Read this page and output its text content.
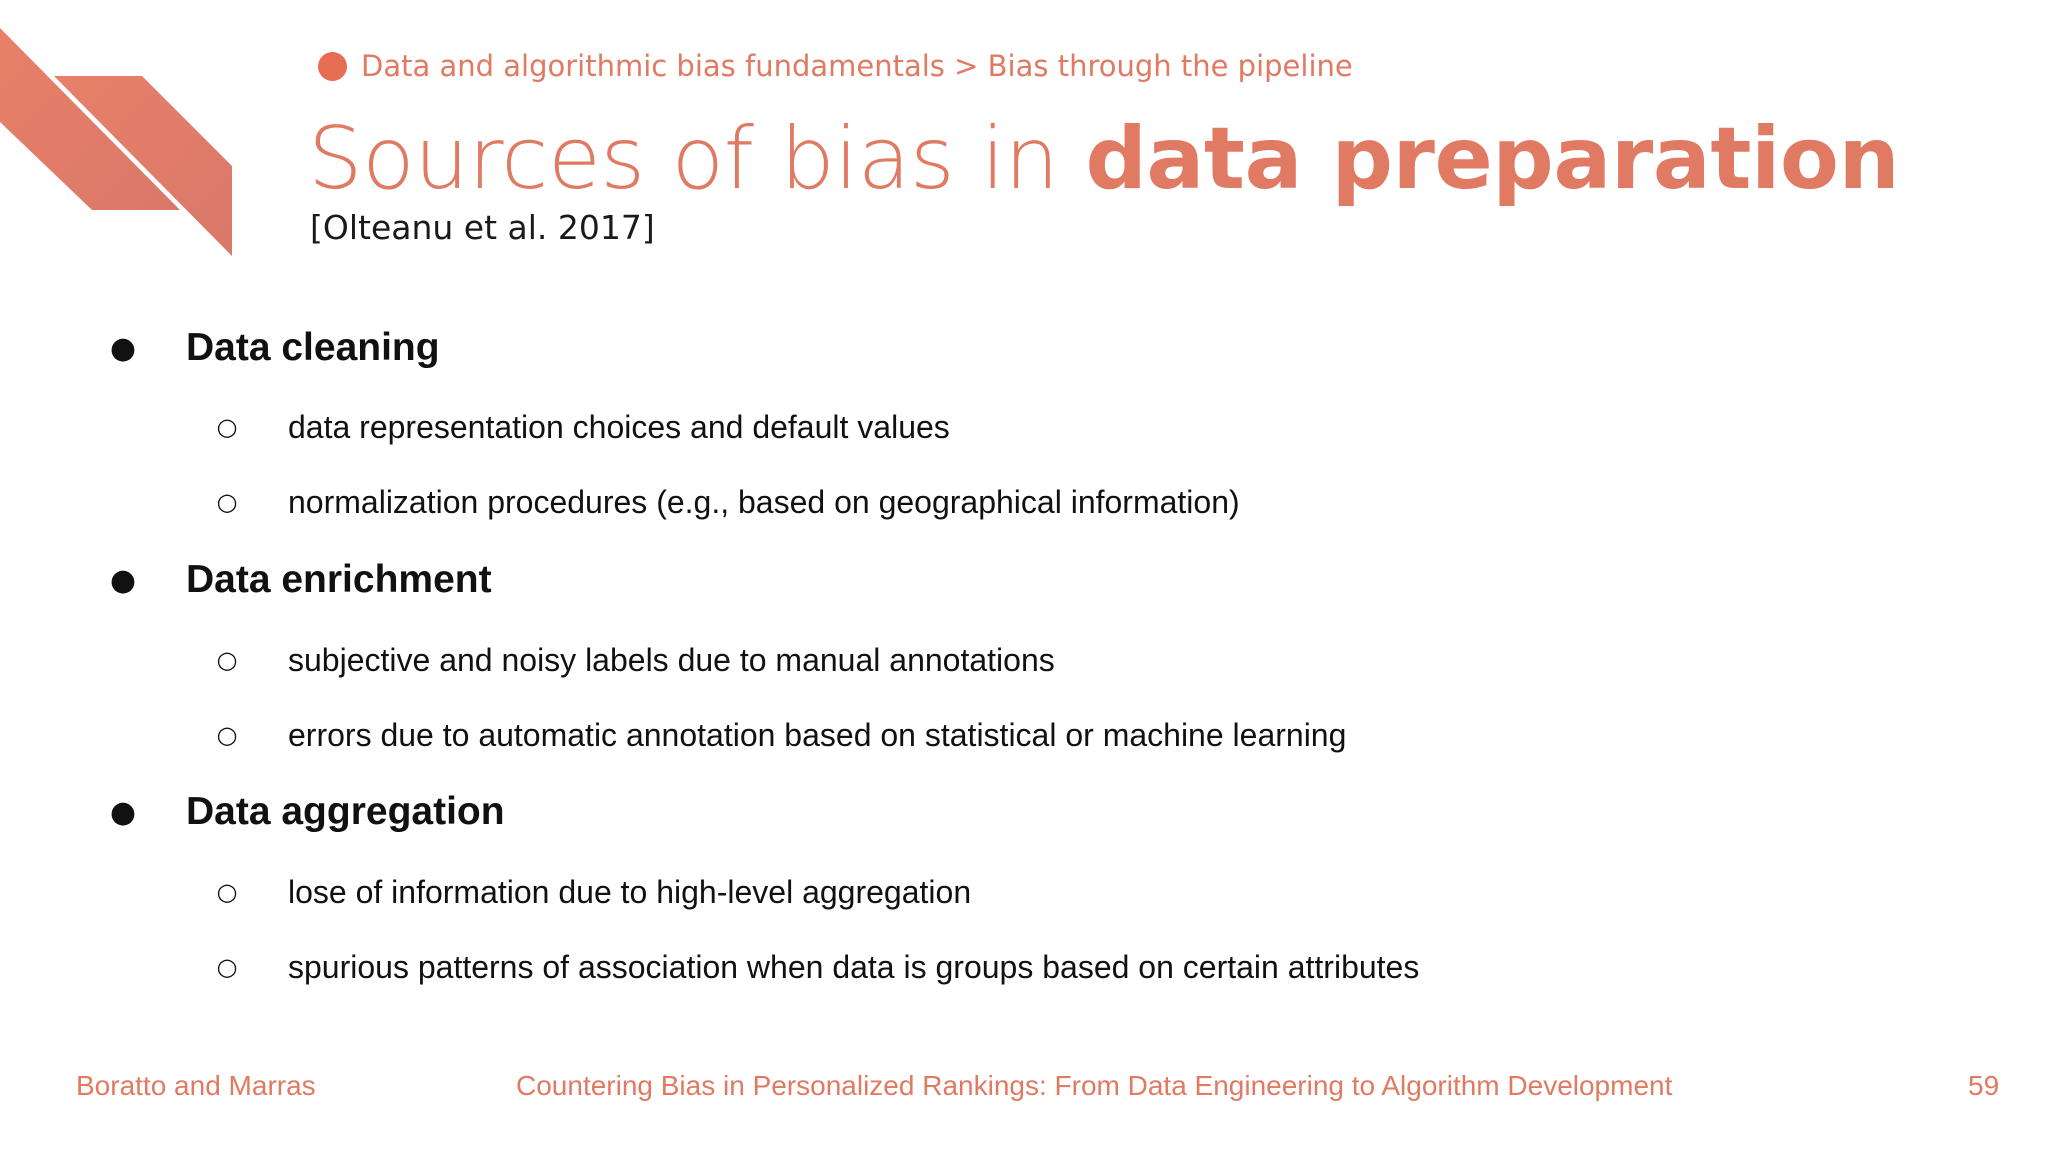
Data and algorithmic bias fundamentals > Bias through the pipeline
Sources of bias in data preparation
[Olteanu et al. 2017]
● Data cleaning
○ data representation choices and default values
○ normalization procedures (e.g., based on geographical information)
● Data enrichment
○ subjective and noisy labels due to manual annotations
○ errors due to automatic annotation based on statistical or machine learning
● Data aggregation
○ lose of information due to high-level aggregation
○ spurious patterns of association when data is groups based on certain attributes
Boratto and Marras	Countering Bias in Personalized Rankings: From Data Engineering to Algorithm Development	59
